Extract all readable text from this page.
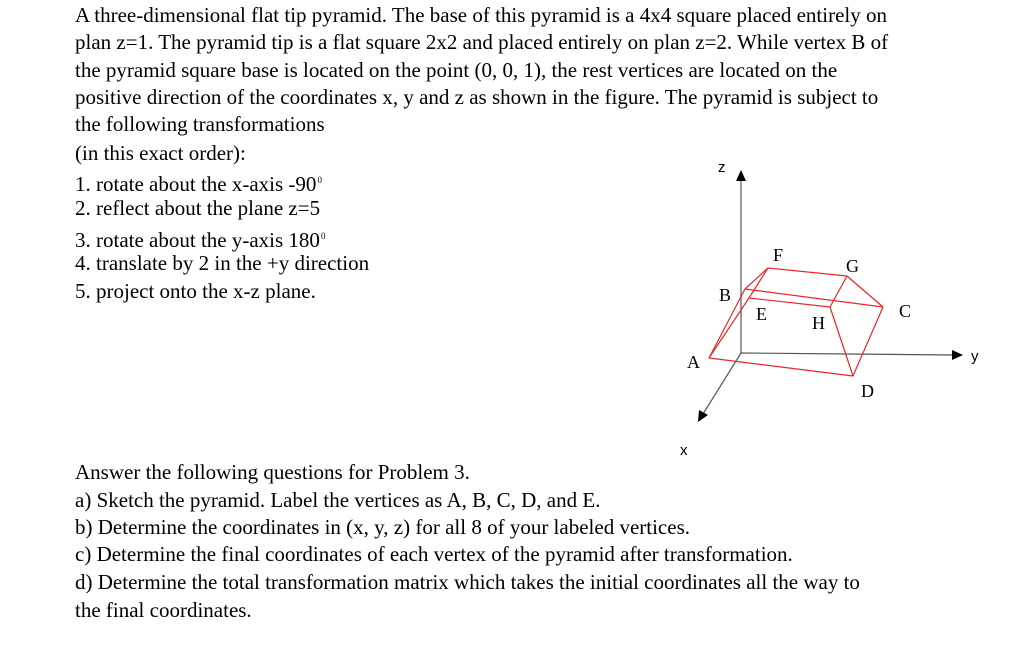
A three-dimensional flat tip pyramid. The base of this pyramid is a 4x4 square placed entirely on
plan z=1. The pyramid tip is a flat square 2x2 and placed entirely on plan z=2. While vertex B of
the pyramid square base is located on the point (0, 0, 1), the rest vertices are located on the
positive direction of the coordinates x, y and z as shown in the figure. The pyramid is subject to
the following transformations
(in this exact order):
1. rotate about the x-axis $-90^0$
2. reflect about the plane z=5
3. rotate about the y-axis $180^0$
4. translate by 2 in the +y direction
5. project onto the x-z plane.
z
y
x
A
B
C
D
E
F
G
H
Answer the following questions for Problem 3.
a) Sketch the pyramid. Label the vertices as A, B, C, D, and E.
b) Determine the coordinates in (x, y, z) for all 8 of your labeled vertices.
c) Determine the final coordinates of each vertex of the pyramid after transformation.
d) Determine the total transformation matrix which takes the initial coordinates all the way to
the final coordinates.
